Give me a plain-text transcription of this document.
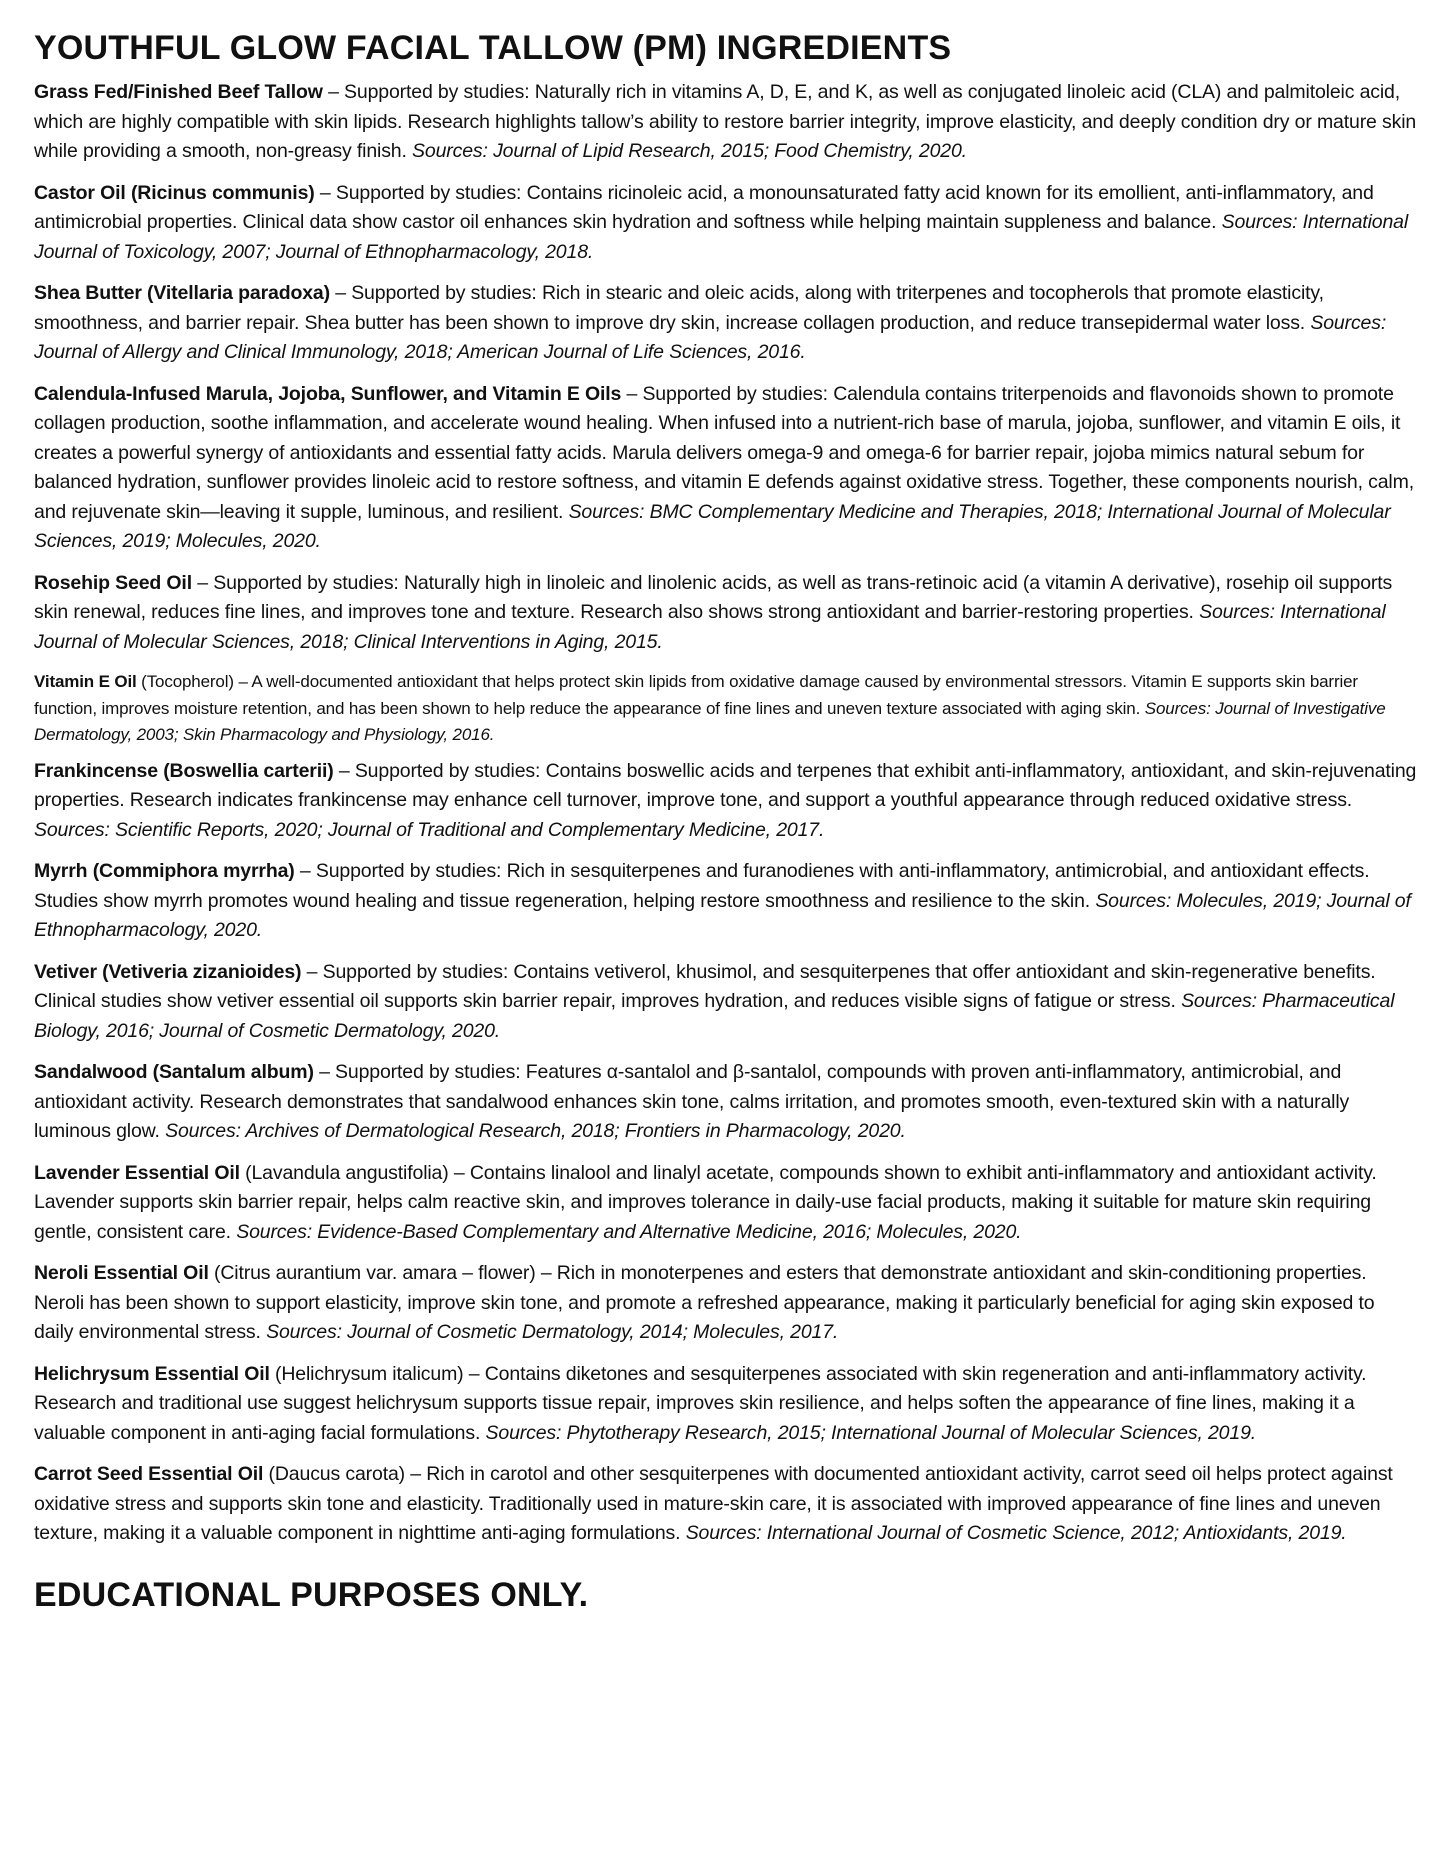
YOUTHFUL GLOW FACIAL TALLOW (PM) INGREDIENTS

Grass Fed/Finished Beef Tallow – Supported by studies: Naturally rich in vitamins A, D, E, and K, as well as conjugated linoleic acid (CLA) and palmitoleic acid, which are highly compatible with skin lipids. Research highlights tallow’s ability to restore barrier integrity, improve elasticity, and deeply condition dry or mature skin while providing a smooth, non-greasy finish. Sources: Journal of Lipid Research, 2015; Food Chemistry, 2020.

Castor Oil (Ricinus communis) – Supported by studies: Contains ricinoleic acid, a monounsaturated fatty acid known for its emollient, anti-inflammatory, and antimicrobial properties. Clinical data show castor oil enhances skin hydration and softness while helping maintain suppleness and balance. Sources: International Journal of Toxicology, 2007; Journal of Ethnopharmacology, 2018.

Shea Butter (Vitellaria paradoxa) – Supported by studies: Rich in stearic and oleic acids, along with triterpenes and tocopherols that promote elasticity, smoothness, and barrier repair. Shea butter has been shown to improve dry skin, increase collagen production, and reduce transepidermal water loss. Sources: Journal of Allergy and Clinical Immunology, 2018; American Journal of Life Sciences, 2016.

Calendula-Infused Marula, Jojoba, Sunflower, and Vitamin E Oils – Supported by studies: Calendula contains triterpenoids and flavonoids shown to promote collagen production, soothe inflammation, and accelerate wound healing. When infused into a nutrient-rich base of marula, jojoba, sunflower, and vitamin E oils, it creates a powerful synergy of antioxidants and essential fatty acids. Marula delivers omega-9 and omega-6 for barrier repair, jojoba mimics natural sebum for balanced hydration, sunflower provides linoleic acid to restore softness, and vitamin E defends against oxidative stress. Together, these components nourish, calm, and rejuvenate skin—leaving it supple, luminous, and resilient. Sources: BMC Complementary Medicine and Therapies, 2018; International Journal of Molecular Sciences, 2019; Molecules, 2020.

Rosehip Seed Oil – Supported by studies: Naturally high in linoleic and linolenic acids, as well as trans-retinoic acid (a vitamin A derivative), rosehip oil supports skin renewal, reduces fine lines, and improves tone and texture. Research also shows strong antioxidant and barrier-restoring properties. Sources: International Journal of Molecular Sciences, 2018; Clinical Interventions in Aging, 2015.

Vitamin E Oil (Tocopherol) – A well-documented antioxidant that helps protect skin lipids from oxidative damage caused by environmental stressors. Vitamin E supports skin barrier function, improves moisture retention, and has been shown to help reduce the appearance of fine lines and uneven texture associated with aging skin. Sources: Journal of Investigative Dermatology, 2003; Skin Pharmacology and Physiology, 2016.

Frankincense (Boswellia carterii) – Supported by studies: Contains boswellic acids and terpenes that exhibit anti-inflammatory, antioxidant, and skin-rejuvenating properties. Research indicates frankincense may enhance cell turnover, improve tone, and support a youthful appearance through reduced oxidative stress. Sources: Scientific Reports, 2020; Journal of Traditional and Complementary Medicine, 2017.

Myrrh (Commiphora myrrha) – Supported by studies: Rich in sesquiterpenes and furanodienes with anti-inflammatory, antimicrobial, and antioxidant effects. Studies show myrrh promotes wound healing and tissue regeneration, helping restore smoothness and resilience to the skin. Sources: Molecules, 2019; Journal of Ethnopharmacology, 2020.

Vetiver (Vetiveria zizanioides) – Supported by studies: Contains vetiverol, khusimol, and sesquiterpenes that offer antioxidant and skin-regenerative benefits. Clinical studies show vetiver essential oil supports skin barrier repair, improves hydration, and reduces visible signs of fatigue or stress. Sources: Pharmaceutical Biology, 2016; Journal of Cosmetic Dermatology, 2020.

Sandalwood (Santalum album) – Supported by studies: Features α-santalol and β-santalol, compounds with proven anti-inflammatory, antimicrobial, and antioxidant activity. Research demonstrates that sandalwood enhances skin tone, calms irritation, and promotes smooth, even-textured skin with a naturally luminous glow. Sources: Archives of Dermatological Research, 2018; Frontiers in Pharmacology, 2020.

Lavender Essential Oil (Lavandula angustifolia) – Contains linalool and linalyl acetate, compounds shown to exhibit anti-inflammatory and antioxidant activity. Lavender supports skin barrier repair, helps calm reactive skin, and improves tolerance in daily-use facial products, making it suitable for mature skin requiring gentle, consistent care. Sources: Evidence-Based Complementary and Alternative Medicine, 2016; Molecules, 2020.

Neroli Essential Oil (Citrus aurantium var. amara – flower) – Rich in monoterpenes and esters that demonstrate antioxidant and skin-conditioning properties. Neroli has been shown to support elasticity, improve skin tone, and promote a refreshed appearance, making it particularly beneficial for aging skin exposed to daily environmental stress. Sources: Journal of Cosmetic Dermatology, 2014; Molecules, 2017.

Helichrysum Essential Oil (Helichrysum italicum) – Contains diketones and sesquiterpenes associated with skin regeneration and anti-inflammatory activity. Research and traditional use suggest helichrysum supports tissue repair, improves skin resilience, and helps soften the appearance of fine lines, making it a valuable component in anti-aging facial formulations. Sources: Phytotherapy Research, 2015; International Journal of Molecular Sciences, 2019.

Carrot Seed Essential Oil (Daucus carota) – Rich in carotol and other sesquiterpenes with documented antioxidant activity, carrot seed oil helps protect against oxidative stress and supports skin tone and elasticity. Traditionally used in mature-skin care, it is associated with improved appearance of fine lines and uneven texture, making it a valuable component in nighttime anti-aging formulations. Sources: International Journal of Cosmetic Science, 2012; Antioxidants, 2019.

EDUCATIONAL PURPOSES ONLY.
